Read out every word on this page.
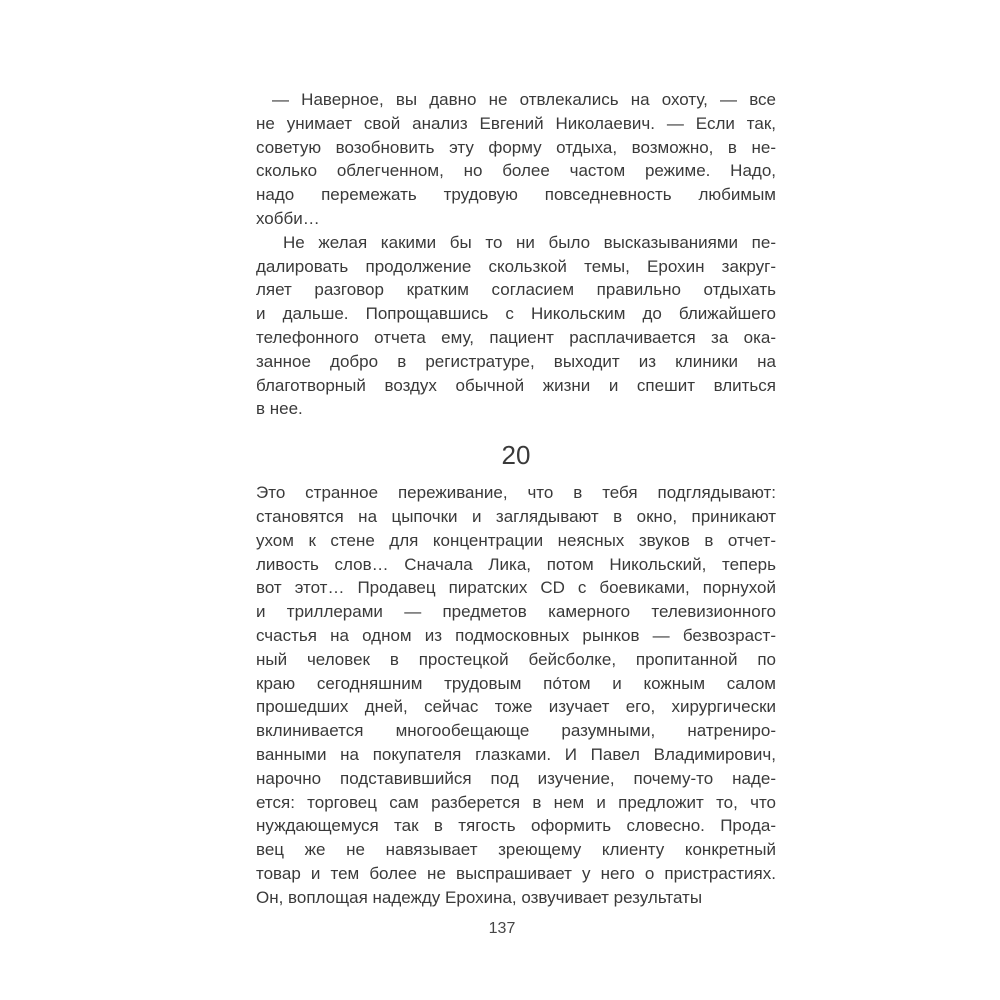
— Наверное, вы давно не отвлекались на охоту, — все
не унимает свой анализ Евгений Николаевич. — Если так,
советую возобновить эту форму отдыха, возможно, в не-
сколько облегченном, но более частом режиме. Надо,
надо перемежать трудовую повседневность любимым
хобби…
Не желая какими бы то ни было высказываниями пе-
далировать продолжение скользкой темы, Ерохин закруг-
ляет разговор кратким согласием правильно отдыхать
и дальше. Попрощавшись с Никольским до ближайшего
телефонного отчета ему, пациент расплачивается за ока-
занное добро в регистратуре, выходит из клиники на
благотворный воздух обычной жизни и спешит влиться
в нее.
20
Это странное переживание, что в тебя подглядывают:
становятся на цыпочки и заглядывают в окно, приникают
ухом к стене для концентрации неясных звуков в отчет-
ливость слов… Сначала Лика, потом Никольский, теперь
вот этот… Продавец пиратских CD с боевиками, порнухой
и триллерами — предметов камерного телевизионного
счастья на одном из подмосковных рынков — безвозраст-
ный человек в простецкой бейсболке, пропитанной по
краю сегодняшним трудовым по́том и кожным салом
прошедших дней, сейчас тоже изучает его, хирургически
вклинивается многообещающе разумными, натрениро-
ванными на покупателя глазками. И Павел Владимирович,
нарочно подставившийся под изучение, почему-то наде-
ется: торговец сам разберется в нем и предложит то, что
нуждающемуся так в тягость оформить словесно. Прода-
вец же не навязывает зреющему клиенту конкретный
товар и тем более не выспрашивает у него о пристрастиях.
Он, воплощая надежду Ерохина, озвучивает результаты
137
